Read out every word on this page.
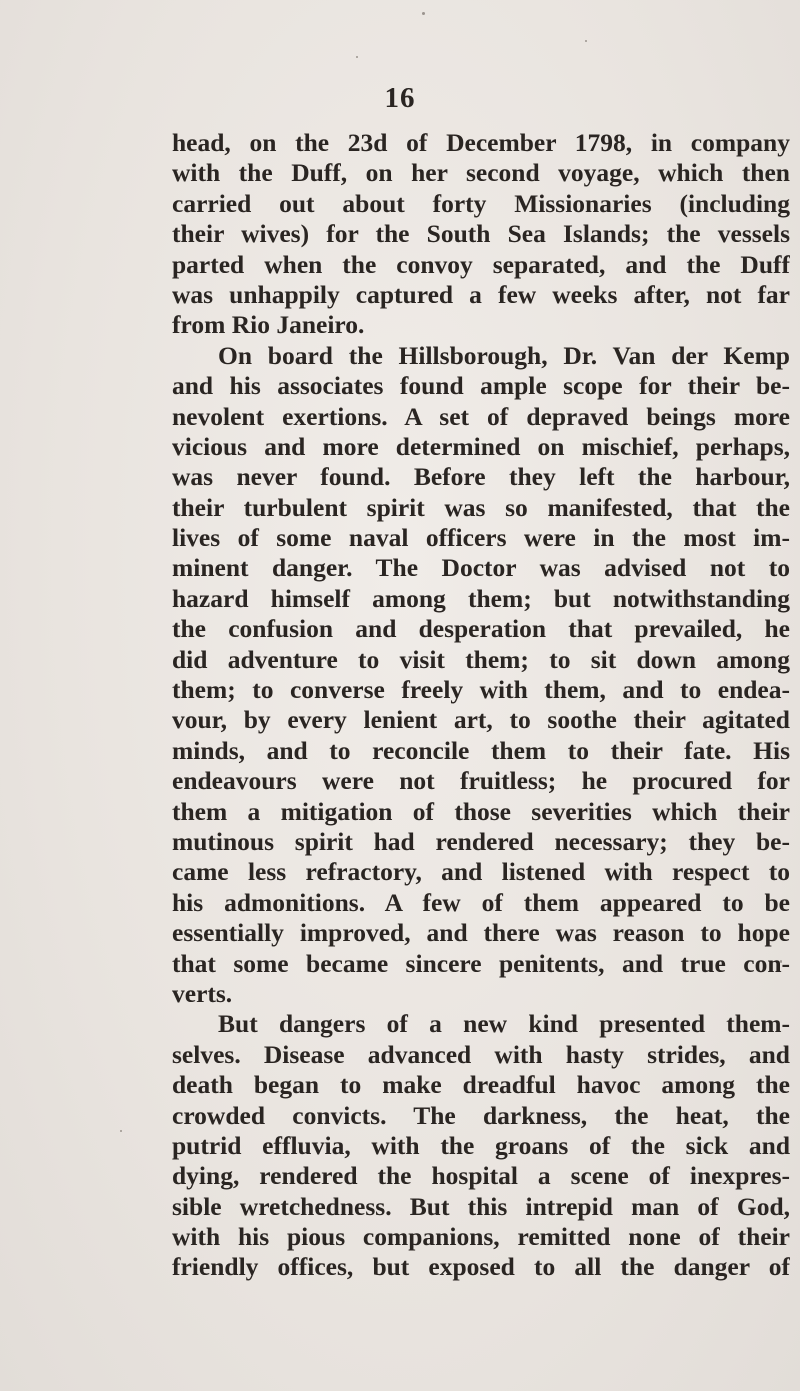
16
head, on the 23d of December 1798, in company
with the Duff, on her second voyage, which then
carried out about forty Missionaries (including
their wives) for the South Sea Islands; the vessels
parted when the convoy separated, and the Duff
was unhappily captured a few weeks after, not far
from Rio Janeiro.
On board the Hillsborough, Dr. Van der Kemp
and his associates found ample scope for their be-
nevolent exertions. A set of depraved beings more
vicious and more determined on mischief, perhaps,
was never found. Before they left the harbour,
their turbulent spirit was so manifested, that the
lives of some naval officers were in the most im-
minent danger. The Doctor was advised not to
hazard himself among them; but notwithstanding
the confusion and desperation that prevailed, he
did adventure to visit them; to sit down among
them; to converse freely with them, and to endea-
vour, by every lenient art, to soothe their agitated
minds, and to reconcile them to their fate. His
endeavours were not fruitless; he procured for
them a mitigation of those severities which their
mutinous spirit had rendered necessary; they be-
came less refractory, and listened with respect to
his admonitions. A few of them appeared to be
essentially improved, and there was reason to hope
that some became sincere penitents, and true con-
verts.
But dangers of a new kind presented them-
selves. Disease advanced with hasty strides, and
death began to make dreadful havoc among the
crowded convicts. The darkness, the heat, the
putrid effluvia, with the groans of the sick and
dying, rendered the hospital a scene of inexpres-
sible wretchedness. But this intrepid man of God,
with his pious companions, remitted none of their
friendly offices, but exposed to all the danger of
